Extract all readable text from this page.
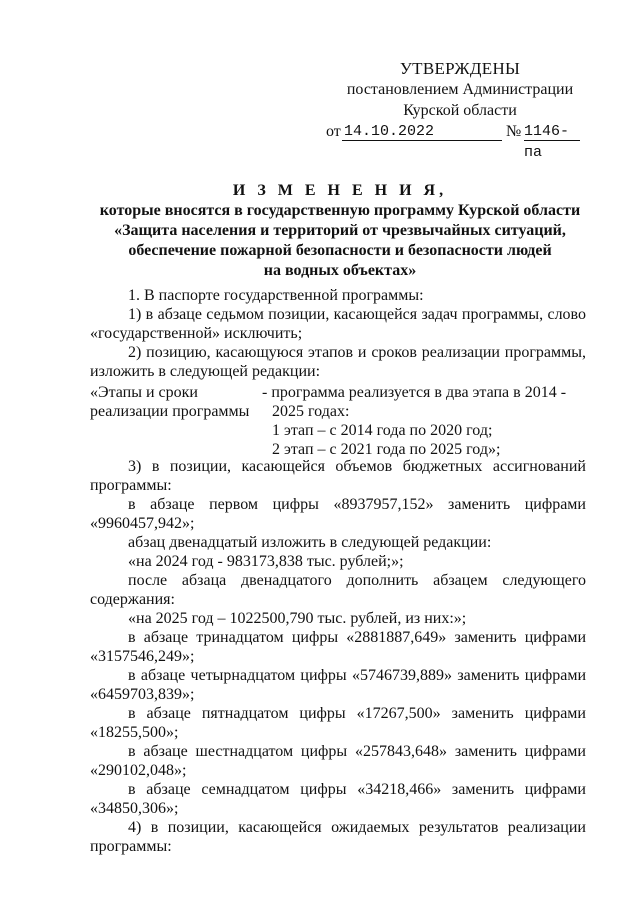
УТВЕРЖДЕНЫ
постановлением Администрации
Курской области
от 14.10.2022	№ 1146-па
И З М Е Н Е Н И Я,
которые вносятся в государственную программу Курской области
«Защита населения и территорий от чрезвычайных ситуаций,
обеспечение пожарной безопасности и безопасности людей
на водных объектах»

1. В паспорте государственной программы:

1) в абзаце седьмом позиции, касающейся задач программы, слово «государственной» исключить;

2) позицию, касающуюся этапов и сроков реализации программы, изложить в следующей редакции:

«Этапы и сроки реализации программы
- программа реализуется в два этапа в 2014 -
2025 годах:
1 этап – с 2014 года по 2020 год;
2 этап – с 2021 года по 2025 год»;

3) в позиции, касающейся объемов бюджетных ассигнований программы:

в абзаце первом цифры «8937957,152» заменить цифрами «9960457,942»;

абзац двенадцатый изложить в следующей редакции:

«на 2024 год - 983173,838 тыс. рублей;»;

после абзаца двенадцатого дополнить абзацем следующего содержания:

«на 2025 год – 1022500,790 тыс. рублей, из них:»;

в абзаце тринадцатом цифры «2881887,649» заменить цифрами «3157546,249»;

в абзаце четырнадцатом цифры «5746739,889» заменить цифрами «6459703,839»;

в абзаце пятнадцатом цифры «17267,500» заменить цифрами «18255,500»;

в абзаце шестнадцатом цифры «257843,648» заменить цифрами «290102,048»;

в абзаце семнадцатом цифры «34218,466» заменить цифрами «34850,306»;

4) в позиции, касающейся ожидаемых результатов реализации программы:
